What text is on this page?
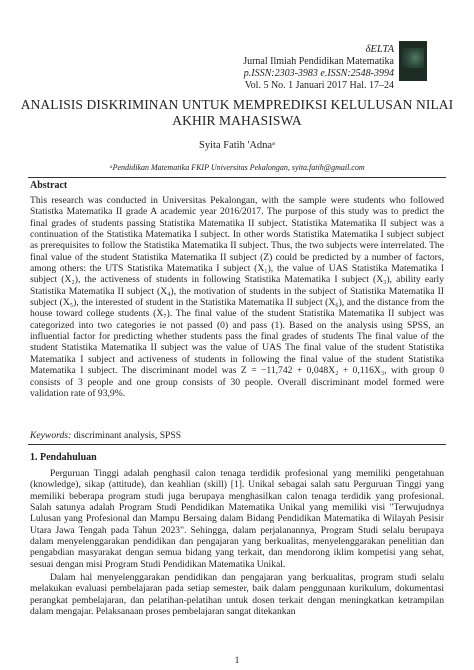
δELTA
Jurnal Ilmiah Pendidikan Matematika
p.ISSN:2303-3983 e.ISSN:2548-3994
Vol. 5 No. 1 Januari 2017 Hal. 17–24
ANALISIS DISKRIMINAN UNTUK MEMPREDIKSI KELULUSAN NILAI
AKHIR MAHASISWA
Syita Fatih 'Adnaᵃ
ᵃPendidikan Matematika FKIP Universitas Pekalongan, syita.fatih@gmail.com
Abstract
This research was conducted in Universitas Pekalongan, with the sample were students who followed Statistka Matematika II grade A academic year 2016/2017. The purpose of this study was to predict the final grades of students passing Statistika Matematika II subject. Statistika Matematika II subject was a continuation of the Statistika Matematika I subject. In other words Statistika Matematika I subject subject as prerequisites to follow the Statistika Matematika II subject. Thus, the two subjects were interrelated. The final value of the student Statistika Matematika II subject (Z) could be predicted by a number of factors, among others: the UTS Statistika Matematika I subject (X₁), the value of UAS Statistika Matematika I subject (X₂), the activeness of students in following Statistika Matematika I subject (X₃), ability early Statistika Matematika II subject (X₄), the motivation of students in the subject of Statistika Matematika II subject (X₅), the interested of student in the Statistika Matematika II subject (X₆), and the distance from the house toward college students (X₇). The final value of the student Statistika Matematika II subject was categorized into two categories ie not passed (0) and pass (1). Based on the analysis using SPSS, an influential factor for predicting whether students pass the final grades of students The final value of the student Statistika Matematika II subject was the value of UAS The final value of the student Statistika Matematika I subject and activeness of students in following the final value of the student Statistika Matematika I subject. The discriminant model was Z = −11,742 + 0,048X₂ + 0,116X₃, with group 0 consists of 3 people and one group consists of 30 people. Overall discriminant model formed were validation rate of 93,9%.
Keywords: discriminant analysis, SPSS
1. Pendahuluan
Perguruan Tinggi adalah penghasil calon tenaga terdidik profesional yang memiliki pengetahuan (knowledge), sikap (attitude), dan keahlian (skill) [1]. Unikal sebagai salah satu Perguruan Tinggi yang memiliki beberapa program studi juga berupaya menghasilkan calon tenaga terdidik yang profesional. Salah satunya adalah Program Studi Pendidikan Matematika Unikal yang memiliki visi "Terwujudnya Lulusan yang Profesional dan Mampu Bersaing dalam Bidang Pendidikan Matematika di Wilayah Pesisir Utara Jawa Tengah pada Tahun 2023". Sehingga, dalam perjalanannya, Program Studi selalu berupaya dalam menyelenggarakan pendidikan dan pengajaran yang berkualitas, menyelenggarakan penelitian dan pengabdian masyarakat dengan semua bidang yang terkait, dan mendorong iklim kompetisi yang sehat, sesuai dengan misi Program Studi Pendidikan Matematika Unikal.
Dalam hal menyelenggarakan pendidikan dan pengajaran yang berkualitas, program studi selalu melakukan evaluasi pembelajaran pada setiap semester, baik dalam penggunaan kurikulum, dokumentasi perangkat pembelajaran, dan pelatihan-pelatihan untuk dosen terkait dengan meningkatkan ketrampilan dalam mengajar. Pelaksanaan proses pembelajaran sangat ditekankan
1
